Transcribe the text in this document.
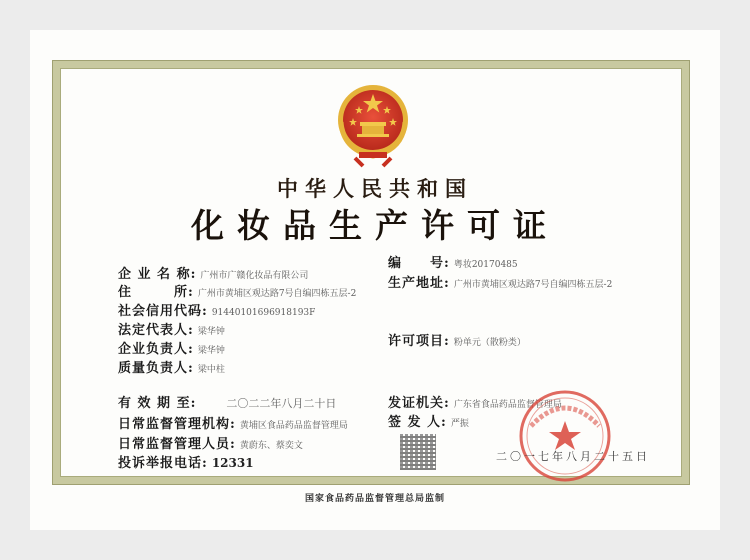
中华人民共和国
化妆品生产许可证
企 业 名 称: 广州市广赣化妆品有限公司
住　　　所: 广州市黄埔区观达路7号自编四栋五层-2
社会信用代码: 91440101696918193F
法定代表人: 梁华钟
企业负责人: 梁华钟
质量负责人: 梁中柱
编　　号: 粤妆20170485
生产地址: 广州市黄埔区观达路7号自编四栋五层-2
许可项目: 粉单元（散粉类）
有 效 期 至:	二〇二二年八月二十日
日常监督管理机构: 黄埔区食品药品监督管理局
日常监督管理人员: 黄蔚东、蔡奕文
投诉举报电话: 12331
发证机关: 广东省食品药品监督管理局
签 发 人: 严振
二〇一七年八月二十五日
国家食品药品监督管理总局监制
